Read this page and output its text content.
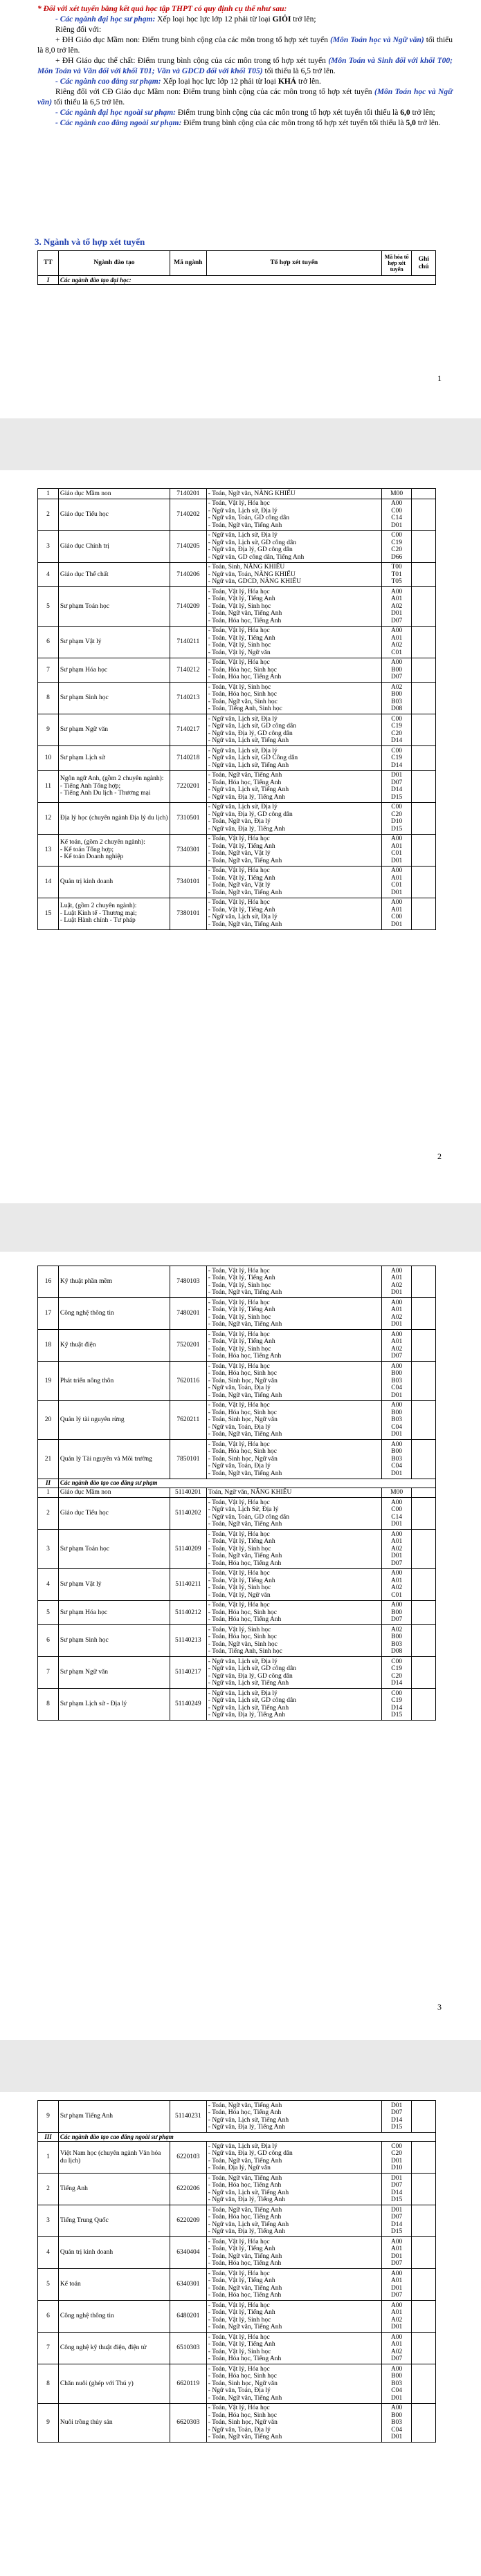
* Đối với xét tuyển bằng kết quả học tập THPT có quy định cụ thể như sau:

- Các ngành đại học sư phạm: Xếp loại học lực lớp 12 phải từ loại GIỎI trở lên;

Riêng đối với:

+ ĐH Giáo dục Mầm non: Điểm trung bình cộng của các môn trong tổ hợp xét tuyển (Môn Toán học và Ngữ văn) tối thiểu là 8,0 trở lên.

+ ĐH Giáo dục thể chất: Điểm trung bình cộng của các môn trong tổ hợp xét tuyển (Môn Toán và Sinh đối với khối T00; Môn Toán và Văn đối với khối T01; Văn và GDCD đối với khối T05) tối thiểu là 6,5 trở lên.

- Các ngành cao đẳng sư phạm: Xếp loại học lực lớp 12 phải từ loại KHÁ trở lên.

Riêng đối với CĐ Giáo dục Mầm non: Điểm trung bình cộng của các môn trong tổ hợp xét tuyển (Môn Toán học và Ngữ văn) tối thiểu là 6,5 trở lên.

- Các ngành đại học ngoài sư phạm: Điểm trung bình cộng của các môn trong tổ hợp xét tuyển tối thiểu là 6,0 trở lên;

- Các ngành cao đẳng ngoài sư phạm: Điểm trung bình cộng của các môn trong tổ hợp xét tuyển tối thiểu là 5,0 trở lên.

3. Ngành và tổ hợp xét tuyển
TT	Ngành đào tạo	Mã ngành	Tổ hợp xét tuyển	Mã hóa tổ hợp xét tuyển	Ghi chú
I	Các ngành đào tạo đại học:				
1
1	Giáo dục Mầm non	7140201	- Toán, Ngữ văn, NĂNG KHIẾU	M00	
2	Giáo dục Tiểu học	7140202	- Toán, Vật lý, Hóa học
- Ngữ văn, Lịch sử, Địa lý
- Ngữ văn, Toán, GD công dân
- Toán, Ngữ văn, Tiếng Anh	A00
C00
C14
D01	
3	Giáo dục Chính trị	7140205	- Ngữ văn, Lịch sử, Địa lý
- Ngữ văn, Lịch sử, GD công dân
- Ngữ văn, Địa lý, GD công dân
- Ngữ văn, GD công dân, Tiếng Anh	C00
C19
C20
D66	
4	Giáo dục Thể chất	7140206	- Toán, Sinh, NĂNG KHIẾU
- Ngữ văn, Toán, NĂNG KHIẾU
- Ngữ văn, GDCD, NĂNG KHIẾU	T00
T01
T05	
5	Sư phạm Toán học	7140209	- Toán, Vật lý, Hóa học
- Toán, Vật lý, Tiếng Anh
- Toán, Vật lý, Sinh học
- Toán, Ngữ văn, Tiếng Anh
- Toán, Hóa học, Tiếng Anh	A00
A01
A02
D01
D07	
6	Sư phạm Vật lý	7140211	- Toán, Vật lý, Hóa học
- Toán, Vật lý, Tiếng Anh
- Toán, Vật lý, Sinh học
- Toán, Vật lý, Ngữ văn	A00
A01
A02
C01	
7	Sư phạm Hóa học	7140212	- Toán, Vật lý, Hóa học
- Toán, Hóa học, Sinh học
- Toán, Hóa học, Tiếng Anh	A00
B00
D07	
8	Sư phạm Sinh học	7140213	- Toán, Vật lý, Sinh học
- Toán, Hóa học, Sinh học
- Toán, Ngữ văn, Sinh học
- Toán, Tiếng Anh, Sinh học	A02
B00
B03
D08	
9	Sư phạm Ngữ văn	7140217	- Ngữ văn, Lịch sử, Địa lý
- Ngữ văn, Lịch sử, GD công dân
- Ngữ văn, Địa lý, GD công dân
- Ngữ văn, Lịch sử, Tiếng Anh	C00
C19
C20
D14	
10	Sư phạm Lịch sử	7140218	- Ngữ văn, Lịch sử, Địa lý
- Ngữ văn, Lịch sử, GD Công dân
- Ngữ văn, Lịch sử, Tiếng Anh	C00
C19
D14	
11	Ngôn ngữ Anh, (gồm 2 chuyên ngành):
- Tiếng Anh Tổng hợp;
- Tiếng Anh Du lịch - Thương mại	7220201	- Toán, Ngữ văn, Tiếng Anh
- Toán, Hóa học, Tiếng Anh
- Ngữ văn, Lịch sử, Tiếng Anh
- Ngữ văn, Địa lý, Tiếng Anh	D01
D07
D14
D15	
12	Địa lý học (chuyên ngành Địa lý du lịch)	7310501	- Ngữ văn, Lịch sử, Địa lý
- Ngữ văn, Địa lý, GD công dân
- Toán, Ngữ văn, Địa lý
- Ngữ văn, Địa lý, Tiếng Anh	C00
C20
D10
D15	
13	Kế toán, (gồm 2 chuyên ngành):
- Kế toán Tổng hợp;
- Kế toán Doanh nghiệp	7340301	- Toán, Vật lý, Hóa học
- Toán, Vật lý, Tiếng Anh
- Toán, Ngữ văn, Vật lý
- Toán, Ngữ văn, Tiếng Anh	A00
A01
C01
D01	
14	Quản trị kinh doanh	7340101	- Toán, Vật lý, Hóa học
- Toán, Vật lý, Tiếng Anh
- Toán, Ngữ văn, Vật lý
- Toán, Ngữ văn, Tiếng Anh	A00
A01
C01
D01	
15	Luật, (gồm 2 chuyên ngành):
- Luật Kinh tế - Thương mại;
- Luật Hành chính - Tư pháp	7380101	- Toán, Vật lý, Hóa học
- Toán, Vật lý, Tiếng Anh
- Ngữ văn, Lịch sử, Địa lý
- Toán, Ngữ văn, Tiếng Anh	A00
A01
C00
D01	
2
16	Kỹ thuật phần mềm	7480103	- Toán, Vật lý, Hóa học
- Toán, Vật lý, Tiếng Anh
- Toán, Vật lý, Sinh học
- Toán, Ngữ văn, Tiếng Anh	A00
A01
A02
D01	
17	Công nghệ thông tin	7480201	- Toán, Vật lý, Hóa học
- Toán, Vật lý, Tiếng Anh
- Toán, Vật lý, Sinh học
- Toán, Ngữ văn, Tiếng Anh	A00
A01
A02
D01	
18	Kỹ thuật điện	7520201	- Toán, Vật lý, Hóa học
- Toán, Vật lý, Tiếng Anh
- Toán, Vật lý, Sinh học
- Toán, Hóa học, Tiếng Anh	A00
A01
A02
D07	
19	Phát triển nông thôn	7620116	- Toán, Vật lý, Hóa học
- Toán, Hóa học, Sinh học
- Toán, Sinh học, Ngữ văn
- Ngữ văn, Toán, Địa lý
- Toán, Ngữ văn, Tiếng Anh	A00
B00
B03
C04
D01	
20	Quản lý tài nguyên rừng	7620211	- Toán, Vật lý, Hóa học
- Toán, Hóa học, Sinh học
- Toán, Sinh học, Ngữ văn
- Ngữ văn, Toán, Địa lý
- Toán, Ngữ văn, Tiếng Anh	A00
B00
B03
C04
D01	
21	Quản lý Tài nguyên và Môi trường	7850101	- Toán, Vật lý, Hóa học
- Toán, Hóa học, Sinh học
- Toán, Sinh học, Ngữ văn
- Ngữ văn, Toán, Địa lý
- Toán, Ngữ văn, Tiếng Anh	A00
B00
B03
C04
D01	
II	Các ngành đào tạo cao đẳng sư phạm				
1	Giáo dục Mầm non	51140201	Toán, Ngữ văn, NĂNG KHIẾU	M00	
2	Giáo dục Tiểu học	51140202	- Toán, Vật lý, Hóa học
- Ngữ văn, Lịch Sử, Địa lý
- Ngữ văn, Toán, GD công dân
- Toán, Ngữ văn, Tiếng Anh	A00
C00
C14
D01	
3	Sư phạm Toán học	51140209	- Toán, Vật lý, Hóa học
- Toán, Vật lý, Tiếng Anh
- Toán, Vật lý, Sinh học
- Toán, Ngữ văn, Tiếng Anh
- Toán, Hóa học, Tiếng Anh	A00
A01
A02
D01
D07	
4	Sư phạm Vật lý	51140211	- Toán, Vật lý, Hóa học
- Toán, Vật lý, Tiếng Anh
- Toán, Vật lý, Sinh học
- Toán, Vật lý, Ngữ văn	A00
A01
A02
C01	
5	Sư phạm Hóa học	51140212	- Toán, Vật lý, Hóa học
- Toán, Hóa học, Sinh học
- Toán, Hóa học, Tiếng Anh	A00
B00
D07	
6	Sư phạm Sinh học	51140213	- Toán, Vật lý, Sinh học
- Toán, Hóa học, Sinh học
- Toán, Ngữ văn, Sinh học
- Toán, Tiếng Anh, Sinh học	A02
B00
B03
D08	
7	Sư phạm Ngữ văn	51140217	- Ngữ văn, Lịch sử, Địa lý
- Ngữ văn, Lịch sử, GD công dân
- Ngữ văn, Địa lý, GD công dân
- Ngữ văn, Lịch sử, Tiếng Anh	C00
C19
C20
D14	
8	Sư phạm Lịch sử - Địa lý	51140249	- Ngữ văn, Lịch sử, Địa lý
- Ngữ văn, Lịch sử, GD công dân
- Ngữ văn, Lịch sử, Tiếng Anh
- Ngữ văn, Địa lý, Tiếng Anh	C00
C19
D14
D15	
3
9	Sư phạm Tiếng Anh	51140231	- Toán, Ngữ văn, Tiếng Anh
- Toán, Hóa học, Tiếng Anh
- Ngữ văn, Lịch sử, Tiếng Anh
- Ngữ văn, Địa lý, Tiếng Anh	D01
D07
D14
D15	
III	Các ngành đào tạo cao đẳng ngoài sư phạm				
1	Việt Nam học (chuyên ngành Văn hóa du lịch)	6220103	- Ngữ văn, Lịch sử, Địa lý
- Ngữ văn, Địa lý, GD công dân
- Toán, Ngữ văn, Tiếng Anh
- Toán, Địa lý, Ngữ văn	C00
C20
D01
D10	
2	Tiếng Anh	6220206	- Toán, Ngữ văn, Tiếng Anh
- Toán, Hóa học, Tiếng Anh
- Ngữ văn, Lịch sử, Tiếng Anh
- Ngữ văn, Địa lý, Tiếng Anh	D01
D07
D14
D15	
3	Tiếng Trung Quốc	6220209	- Toán, Ngữ văn, Tiếng Anh
- Toán, Hóa học, Tiếng Anh
- Ngữ văn, Lịch sử, Tiếng Anh
- Ngữ văn, Địa lý, Tiếng Anh	D01
D07
D14
D15	
4	Quản trị kinh doanh	6340404	- Toán, Vật lý, Hóa học
- Toán, Vật lý, Tiếng Anh
- Toán, Ngữ văn, Tiếng Anh
- Toán, Hóa học, Tiếng Anh	A00
A01
D01
D07	
5	Kế toán	6340301	- Toán, Vật lý, Hóa học
- Toán, Vật lý, Tiếng Anh
- Toán, Ngữ văn, Tiếng Anh
- Toán, Hóa học, Tiếng Anh	A00
A01
D01
D07	
6	Công nghệ thông tin	6480201	- Toán, Vật lý, Hóa học
- Toán, Vật lý, Tiếng Anh
- Toán, Vật lý, Sinh học
- Toán, Ngữ văn, Tiếng Anh	A00
A01
A02
D01	
7	Công nghệ kỹ thuật điện, điện tử	6510303	- Toán, Vật lý, Hóa học
- Toán, Vật lý, Tiếng Anh
- Toán, Vật lý, Sinh học
- Toán, Hóa học, Tiếng Anh	A00
A01
A02
D07	
8	Chăn nuôi (ghép với Thú y)	6620119	- Toán, Vật lý, Hóa học
- Toán, Hóa học, Sinh học
- Toán, Sinh học, Ngữ văn
- Ngữ văn, Toán, Địa lý
- Toán, Ngữ văn, Tiếng Anh	A00
B00
B03
C04
D01	
9	Nuôi trồng thủy sản	6620303	- Toán, Vật lý, Hóa học
- Toán, Hóa học, Sinh học
- Toán, Sinh học, Ngữ văn
- Ngữ văn, Toán, Địa lý
- Toán, Ngữ văn, Tiếng Anh	A00
B00
B03
C04
D01	
